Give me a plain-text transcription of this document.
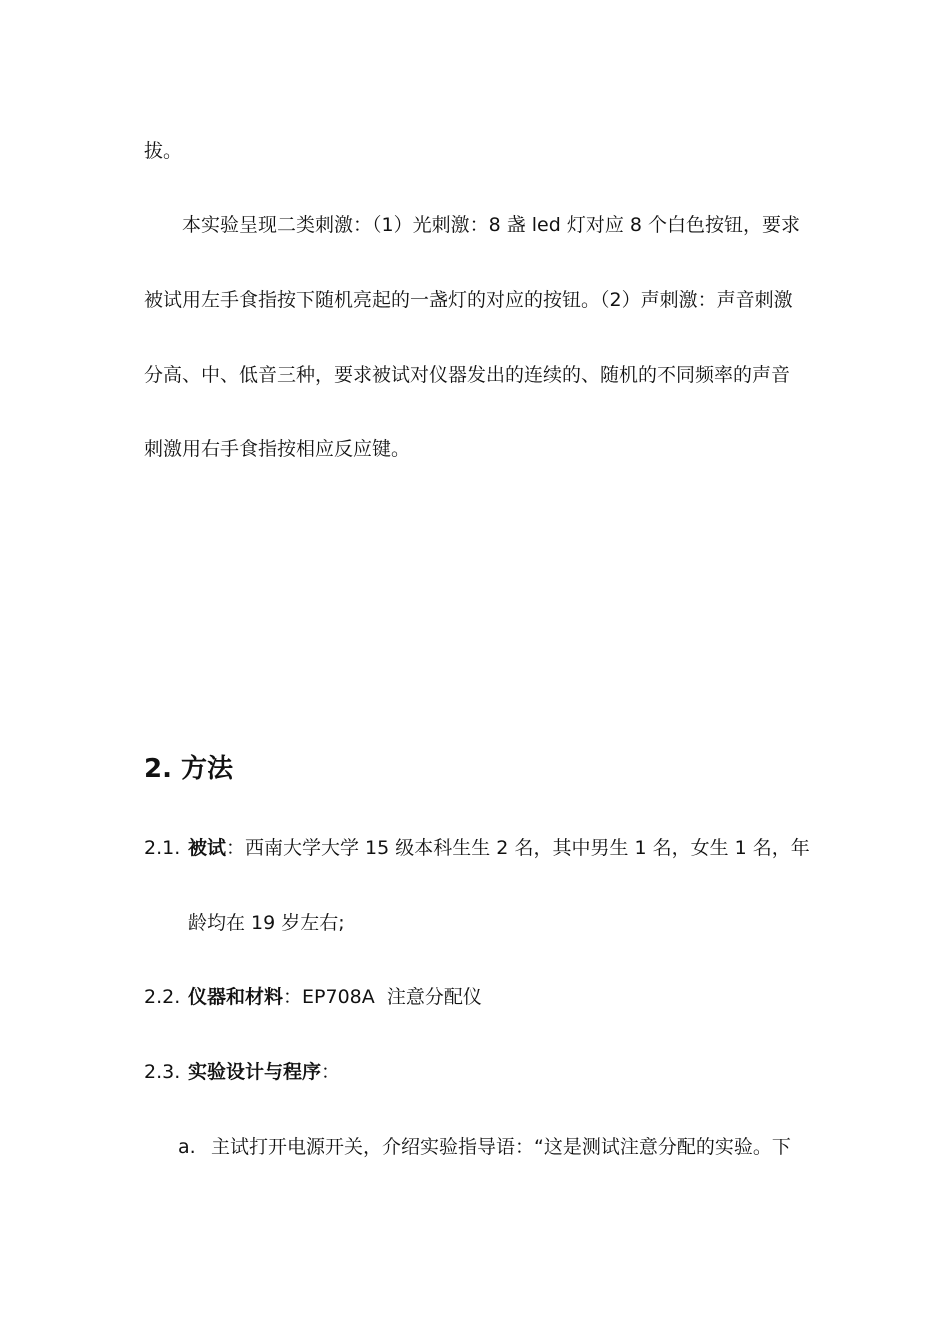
拔。
本实验呈现二类刺激：（1）光刺激：8 盏 led 灯对应 8 个白色按钮，要求
被试用左手食指按下随机亮起的一盏灯的对应的按钮。（2）声刺激：声音刺激
分高、中、低音三种，要求被试对仪器发出的连续的、随机的不同频率的声音
刺激用右手食指按相应反应键。
2. 方法
2.1. 被试：西南大学大学 15 级本科生生 2 名，其中男生 1 名，女生 1 名，年
龄均在 19 岁左右;
2.2. 仪器和材料：EP708A  注意分配仪
2.3. 实验设计与程序：
a. 主试打开电源开关，介绍实验指导语：“这是测试注意分配的实验。下
